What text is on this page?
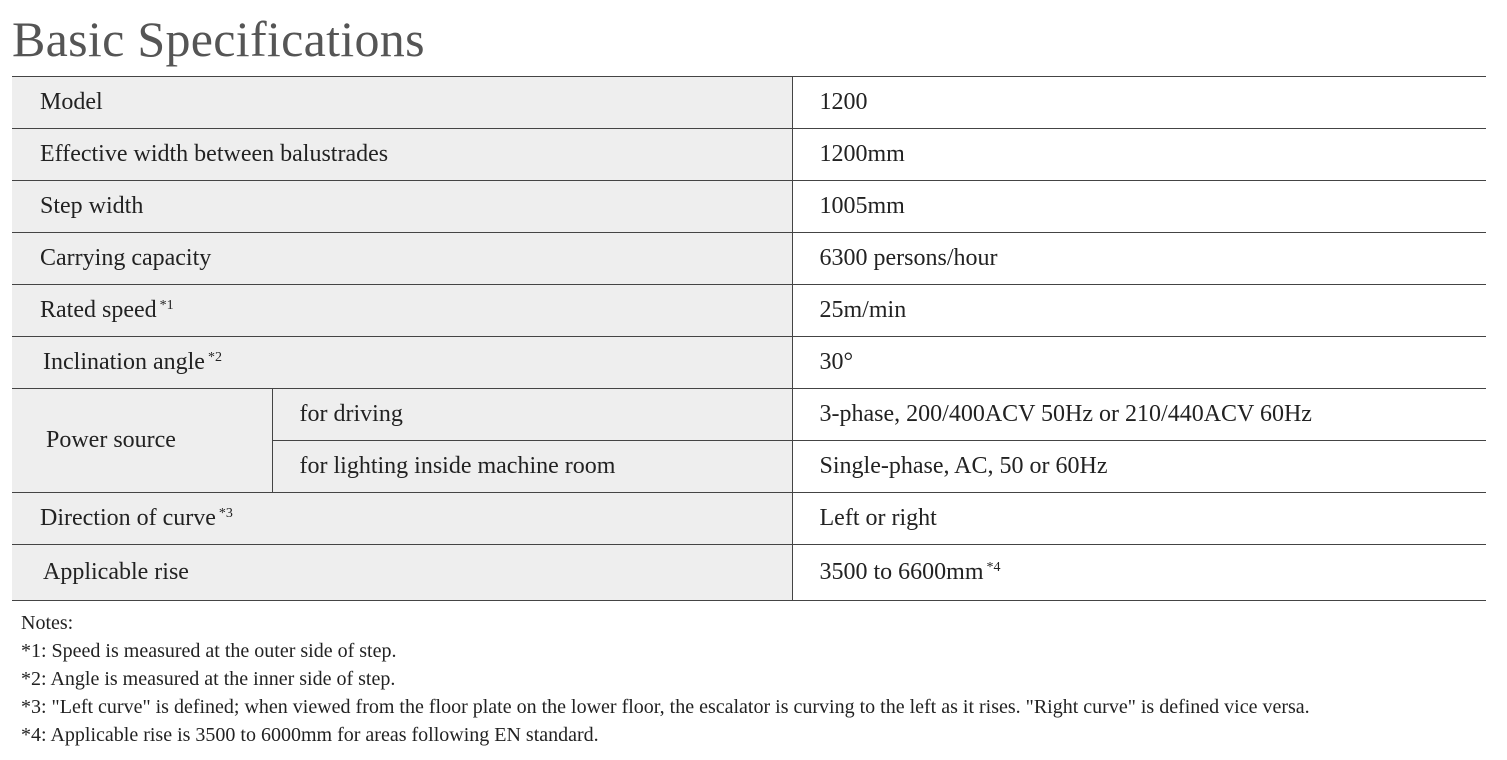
Basic Specifications
Model		1200
Effective width between balustrades		1200mm
Step width		1005mm
Carrying capacity		6300 persons/hour
Rated speed $^{*1}$		25m/min
Inclination angle $^{*2}$		30°
Power source	for driving	3-phase, 200/400ACV 50Hz or 210/440ACV 60Hz
	for lighting inside machine room	Single-phase, AC, 50 or 60Hz
Direction of curve $^{*3}$		Left or right
Applicable rise		3500 to 6600mm $^{*4}$
Notes:
*1: Speed is measured at the outer side of step.
*2: Angle is measured at the inner side of step.
*3: "Left curve" is defined; when viewed from the floor plate on the lower floor, the escalator is curving to the left as it rises. "Right curve" is defined vice versa.
*4: Applicable rise is 3500 to 6000mm for areas following EN standard.
